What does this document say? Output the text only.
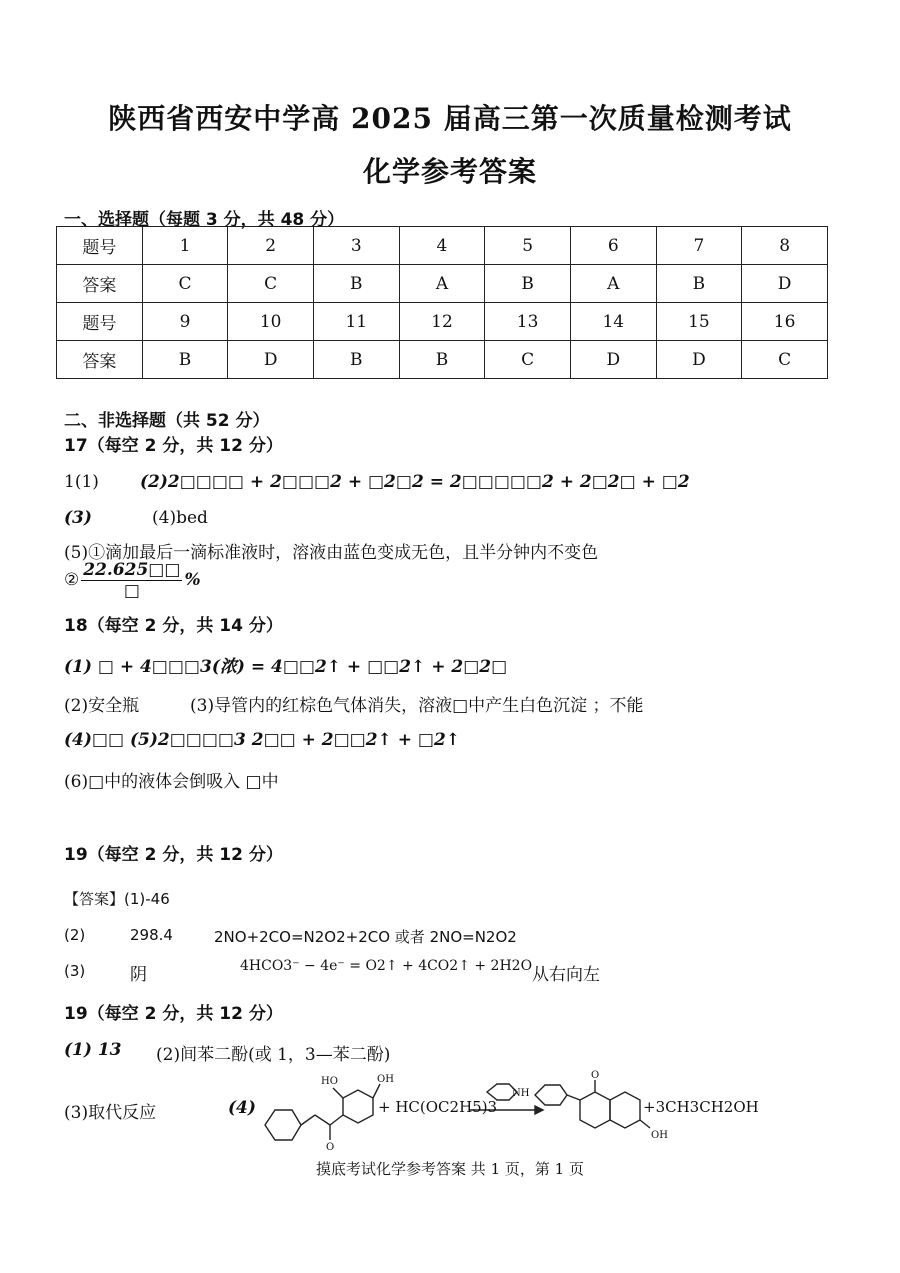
陕西省西安中学高 2025 届高三第一次质量检测考试
化学参考答案
一、选择题（每题 3 分，共 48 分）
题号	1	2	3	4	5	6	7	8
答案	C	C	B	A	B	A	B	D
题号	9	10	11	12	13	14	15	16
答案	B	D	B	B	C	D	D	C
二、非选择题（共 52 分）
17（每空 2 分，共 12 分）
1(1) (2)2□□□□ + 2□□□2 + □2□2 = 2□□□□□2 + 2□2□ + □2
(3)	(4)bed
(5)①滴加最后一滴标准液时，溶液由蓝色变成无色，且半分钟内不变色
② $\frac{22.625□□}{□}$ %
18（每空 2 分，共 14 分）
(1) □ + 4□□□3(浓) = 4□□2↑ + □□2↑ + 2□2□
(2)安全瓶	(3)导管内的红棕色气体消失，溶液□中产生白色沉淀 ；不能
(4)□□ (5)2□□□□3 2□□ + 2□□2↑ + □2↑
(6)□中的液体会倒吸入 □中
19（每空 2 分，共 12 分）
【答案】(1)-46
(2)	298.4	2NO+2CO=N2O2+2CO 或者 2NO=N2O2
(3)	阴	4HCO3⁻ − 4e⁻ = O2↑ + 4CO2↑ + 2H2O 从右向左
19（每空 2 分，共 12 分）
(1) 13 (2)间苯二酚(或 1，3—苯二酚)
(3)取代反应	(4)
HO	OH
O
NH
O
OH
+ HC(OC2H5)3	+3CH3CH2OH
摸底考试化学参考答案 共 1 页，第 1 页
